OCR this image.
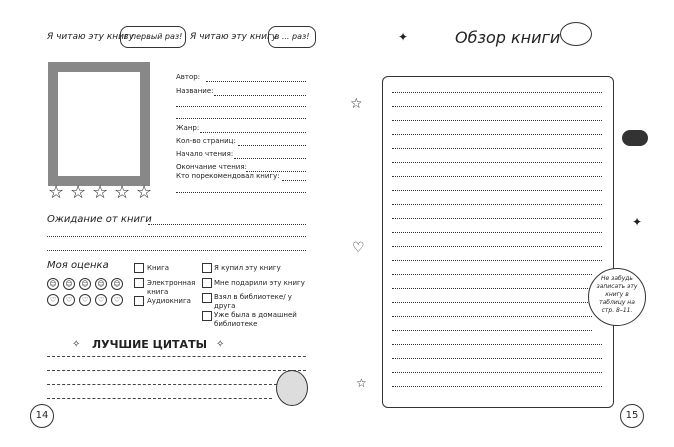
Я читаю эту книгу
в первый раз! Я читаю эту книгу
в ... раз!
Автор:
Название:
Жанр:
Кол-во страниц:
Начало чтения:
Окончание чтения:
Кто порекомендовал книгу:
☆ ☆ ☆ ☆ ☆
Ожидание от книги
Моя оценка
☺	☺	☺	☺	☺
♡	♡	♡	♡	♡
Книга
Электронная книга
Аудиокнига
Я купил эту книгу
Мне подарили эту книгу
Взял в библиотеке/ у друга
Уже была в домашней библиотеке
ЛУЧШИЕ ЦИТАТЫ
✧	✧
14
✦	Обзор книги
☆
♡
☆
✦
Не забудь записать эту книгу в таблицу на стр. 8–11.
15
